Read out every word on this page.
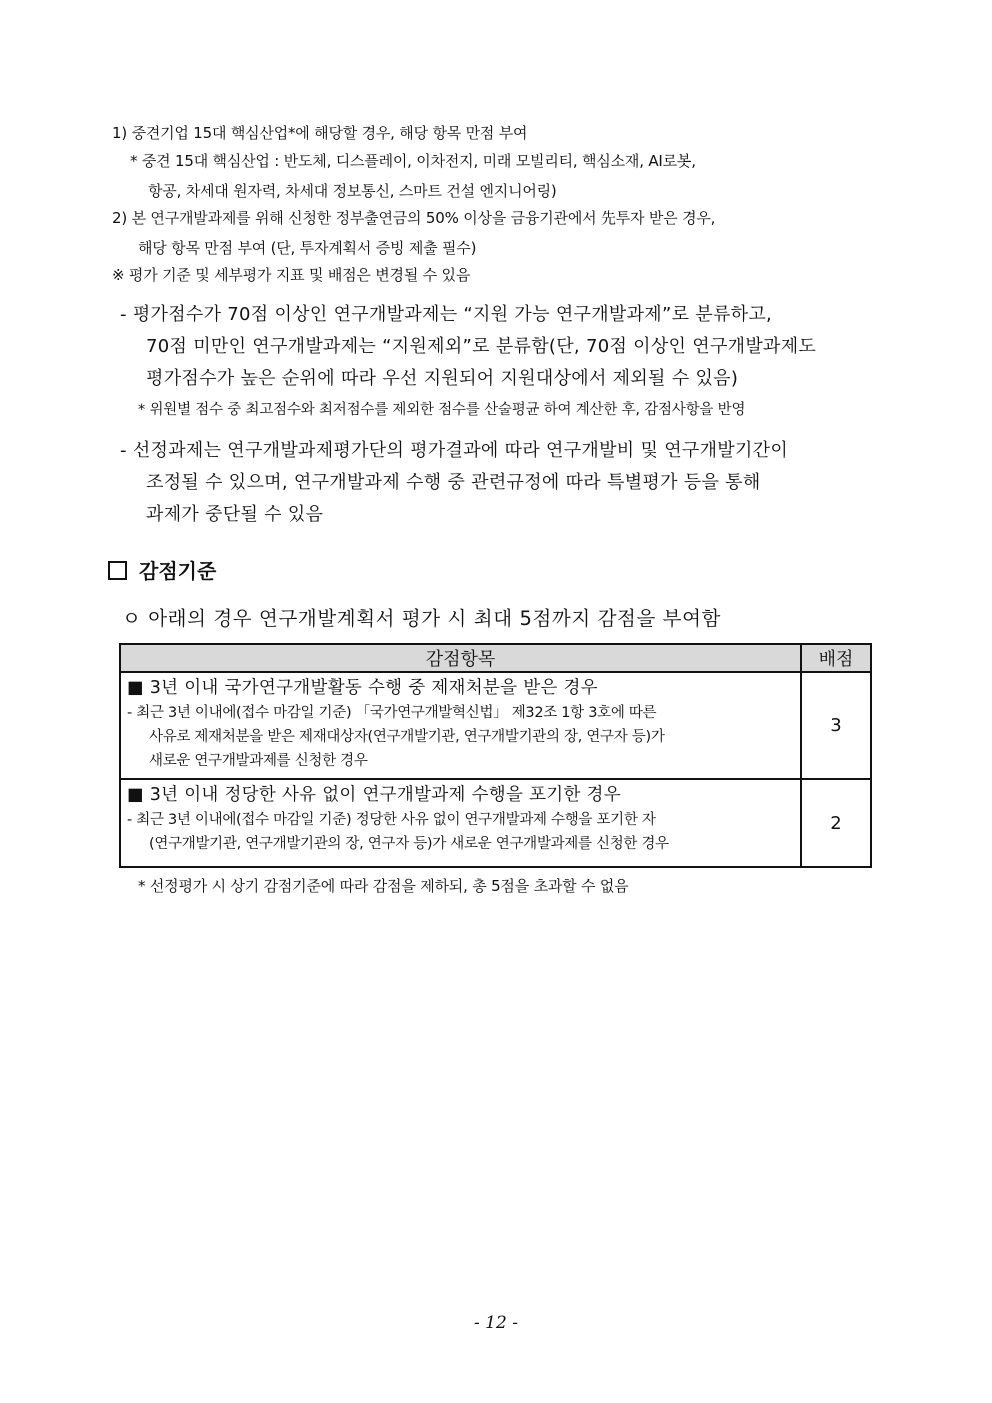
1) 중견기업 15대 핵심산업*에 해당할 경우, 해당 항목 만점 부여
* 중견 15대 핵심산업 : 반도체, 디스플레이, 이차전지, 미래 모빌리티, 핵심소재, AI로봇,
항공, 차세대 원자력, 차세대 정보통신, 스마트 건설 엔지니어링)
2) 본 연구개발과제를 위해 신청한 정부출연금의 50% 이상을 금융기관에서 先투자 받은 경우,
해당 항목 만점 부여 (단, 투자계획서 증빙 제출 필수)
※ 평가 기준 및 세부평가 지표 및 배점은 변경될 수 있음
- 평가점수가 70점 이상인 연구개발과제는 “지원 가능 연구개발과제”로 분류하고,
70점 미만인 연구개발과제는 “지원제외”로 분류함(단, 70점 이상인 연구개발과제도
평가점수가 높은 순위에 따라 우선 지원되어 지원대상에서 제외될 수 있음)
* 위원별 점수 중 최고점수와 최저점수를 제외한 점수를 산술평균 하여 계산한 후, 감점사항을 반영
- 선정과제는 연구개발과제평가단의 평가결과에 따라 연구개발비 및 연구개발기간이
조정될 수 있으며, 연구개발과제 수행 중 관련규정에 따라 특별평가 등을 통해
과제가 중단될 수 있음
감점기준
ㅇ 아래의 경우 연구개발계획서 평가 시 최대 5점까지 감점을 부여함
감점항목	배점

■ 3년 이내 국가연구개발활동 수행 중 제재처분을 받은 경우
- 최근 3년 이내에(접수 마감일 기준) 「국가연구개발혁신법」 제32조 1항 3호에 따른
사유로 제재처분을 받은 제재대상자(연구개발기관, 연구개발기관의 장, 연구자 등)가
새로운 연구개발과제를 신청한 경우	3

■ 3년 이내 정당한 사유 없이 연구개발과제 수행을 포기한 경우
- 최근 3년 이내에(접수 마감일 기준) 정당한 사유 없이 연구개발과제 수행을 포기한 자
(연구개발기관, 연구개발기관의 장, 연구자 등)가 새로운 연구개발과제를 신청한 경우	2
* 선정평가 시 상기 감점기준에 따라 감점을 제하되, 총 5점을 초과할 수 없음
- 12 -
